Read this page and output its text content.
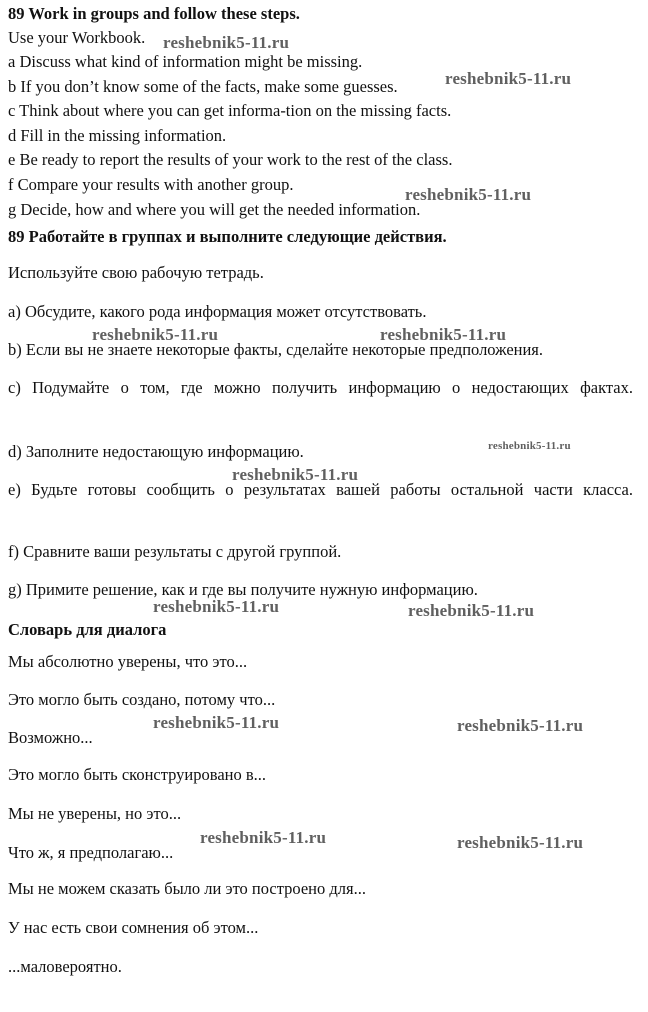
89 Work in groups and follow these steps.
Use your Workbook.
a Discuss what kind of information might be missing.
b If you don’t know some of the facts, make some guesses.
c Think about where you can get informa-tion on the missing facts.
d Fill in the missing information.
e Be ready to report the results of your work to the rest of the class.
f Compare your results with another group.
g Decide, how and where you will get the needed information.
89 Работайте в группах и выполните следующие действия.
Используйте свою рабочую тетрадь.
a) Обсудите, какого рода информация может отсутствовать.
b) Если вы не знаете некоторые факты, сделайте некоторые предположения.
c) Подумайте о том, где можно получить информацию о недостающих фактах.
d) Заполните недостающую информацию.
e) Будьте готовы сообщить о результатах вашей работы остальной части класса.
f) Сравните ваши результаты с другой группой.
g) Примите решение, как и где вы получите нужную информацию.
Словарь для диалога
Мы абсолютно уверены, что это...
Это могло быть создано, потому что...
Возможно...
Это могло быть сконструировано в...
Мы не уверены, но это...
Что ж, я предполагаю...
Мы не можем сказать было ли это построено для...
У нас есть свои сомнения об этом...
...маловероятно.
reshebnik5-11.ru
reshebnik5-11.ru
reshebnik5-11.ru
reshebnik5-11.ru	reshebnik5-11.ru
reshebnik5-11.ru
reshebnik5-11.ru
reshebnik5-11.ru	reshebnik5-11.ru
reshebnik5-11.ru	reshebnik5-11.ru
reshebnik5-11.ru	reshebnik5-11.ru
